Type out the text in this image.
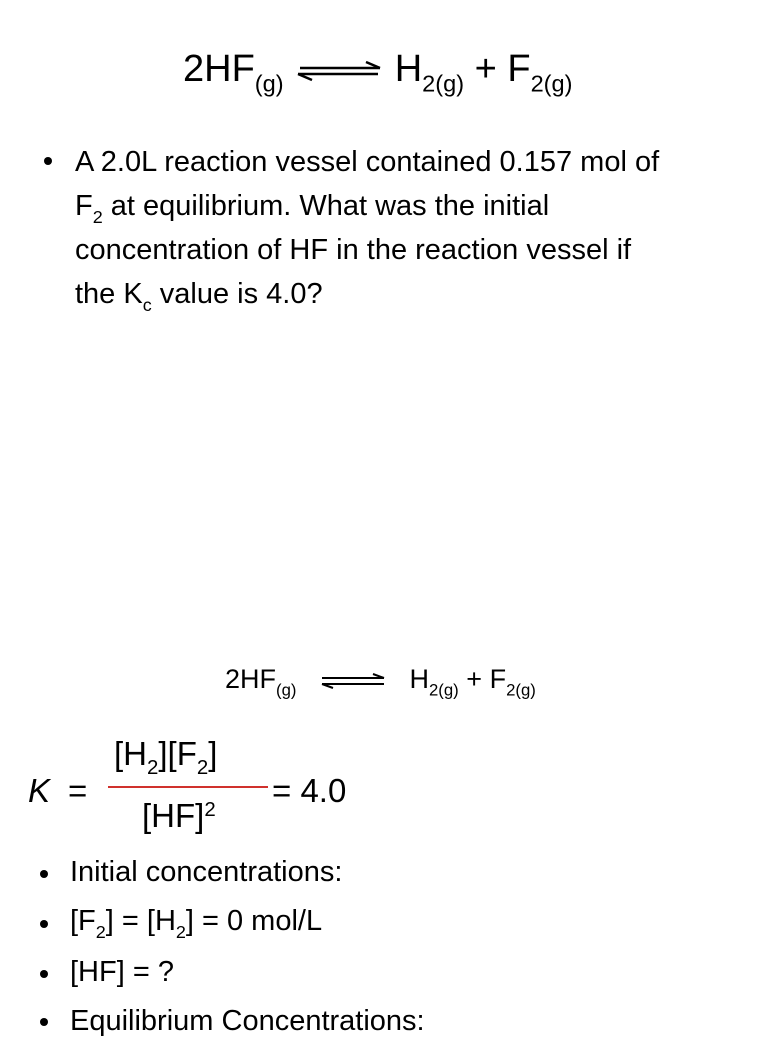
$2HF_{(g)}$ ⇌ $H_{2(g)} + F_{2(g)}$
A 2.0L reaction vessel contained 0.157 mol of
$F_2$ at equilibrium. What was the initial
concentration of HF in the reaction vessel if
the $K_c$ value is 4.0?
$2HF_{(g)}$	$H_{2(g)} + F_{2(g)}$
K =
$[H_2][F_2]$
[HF]$^2$
= 4.0
Initial concentrations:
$[F_2] = [H_2] = 0$ mol/L
[HF] = ?
Equilibrium Concentrations:
